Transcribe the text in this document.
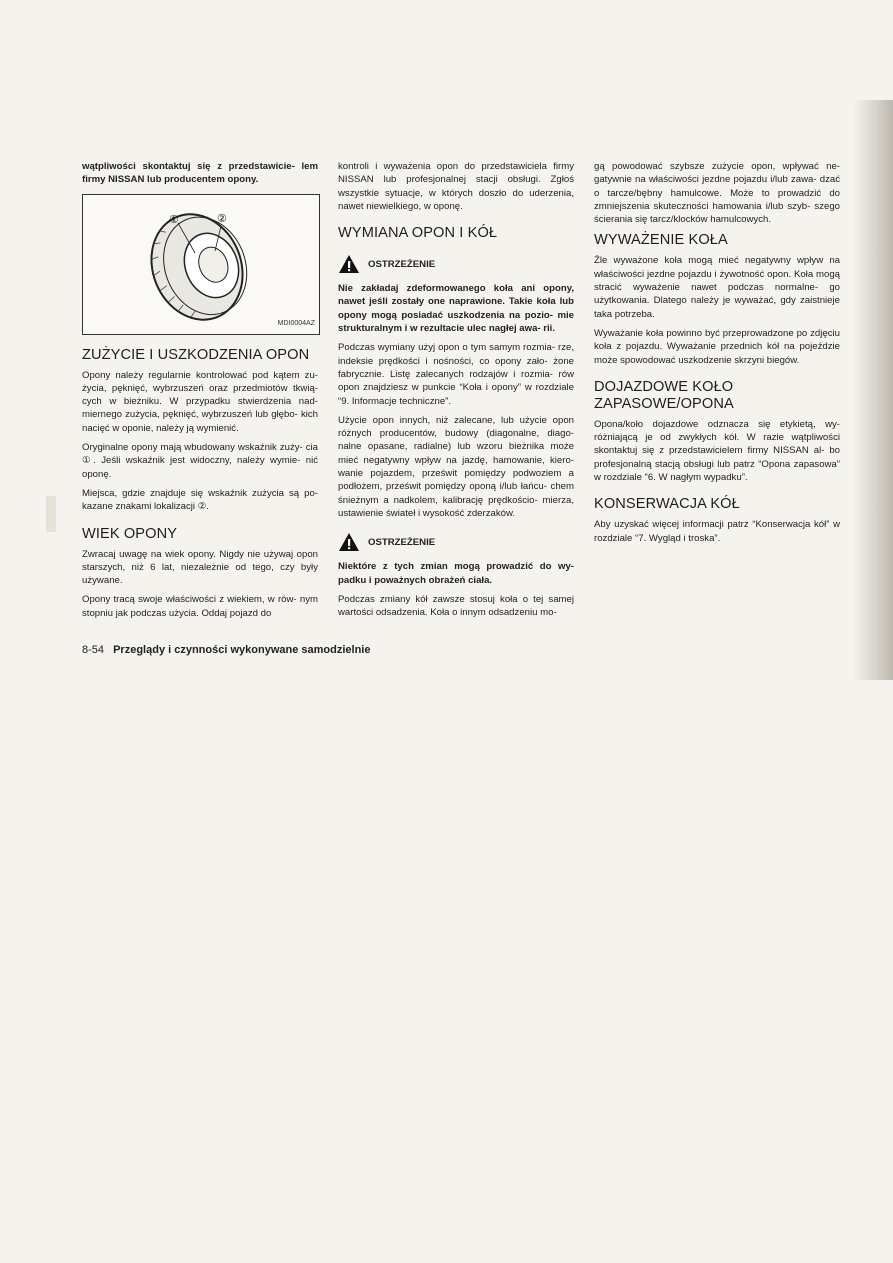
wątpliwości skontaktuj się z przedstawicie- lem firmy NISSAN lub producentem opony.

①	②
MDI0004AZ
ZUŻYCIE I USZKODZENIA OPON

Opony należy regularnie kontrolować pod kątem zu- życia, pęknięć, wybrzuszeń oraz przedmiotów tkwią- cych w bieżniku. W przypadku stwierdzenia nad- miernego zużycia, pęknięć, wybrzuszeń lub głębo- kich nacięć w oponie, należy ją wymienić.

Oryginalne opony mają wbudowany wskaźnik zuży- cia ①. Jeśli wskaźnik jest widoczny, należy wymie- nić oponę.

Miejsca, gdzie znajduje się wskaźnik zużycia są po- kazane znakami lokalizacji ②.

WIEK OPONY

Zwracaj uwagę na wiek opony. Nigdy nie używaj opon starszych, niż 6 lat, niezależnie od tego, czy były używane.

Opony tracą swoje właściwości z wiekiem, w rów- nym stopniu jak podczas użycia. Oddaj pojazd do

kontroli i wyważenia opon do przedstawiciela firmy NISSAN lub profesjonalnej stacji obsługi. Zgłoś wszystkie sytuacje, w których doszło do uderzenia, nawet niewielkiego, w oponę.

WYMIANA OPON I KÓŁ
OSTRZEŻENIE

Nie zakładaj zdeformowanego koła ani opony, nawet jeśli zostały one naprawione. Takie koła lub opony mogą posiadać uszkodzenia na pozio- mie strukturalnym i w rezultacie ulec nagłej awa- rii.

Podczas wymiany użyj opon o tym samym rozmia- rze, indeksie prędkości i nośności, co opony zało- żone fabrycznie. Listę zalecanych rodzajów i rozmia- rów opon znajdziesz w punkcie “Koła i opony” w rozdziale “9. Informacje techniczne”.

Użycie opon innych, niż zalecane, lub użycie opon różnych producentów, budowy (diagonalne, diago- nalne opasane, radialne) lub wzoru bieżnika może mieć negatywny wpływ na jazdę, hamowanie, kiero- wanie pojazdem, prześwit pomiędzy podwoziem a podłożem, prześwit pomiędzy oponą i/lub łańcu- chem śnieżnym a nadkolem, kalibrację prędkościo- mierza, ustawienie świateł i wysokość zderzaków.

OSTRZEŻENIE

Niektóre z tych zmian mogą prowadzić do wy- padku i poważnych obrażeń ciała.

Podczas zmiany kół zawsze stosuj koła o tej samej wartości odsadzenia. Koła o innym odsadzeniu mo-

gą powodować szybsze zużycie opon, wpływać ne- gatywnie na właściwości jezdne pojazdu i/lub zawa- dzać o tarcze/bębny hamulcowe. Może to prowadzić do zmniejszenia skuteczności hamowania i/lub szyb- szego ścierania się tarcz/klocków hamulcowych.

WYWAŻENIE KOŁA

Źle wyważone koła mogą mieć negatywny wpływ na właściwości jezdne pojazdu i żywotność opon. Koła mogą stracić wyważenie nawet podczas normalne- go użytkowania. Dlatego należy je wyważać, gdy zaistnieje taka potrzeba.

Wyważanie koła powinno być przeprowadzone po zdjęciu koła z pojazdu. Wyważanie przednich kół na pojeździe może spowodować uszkodzenie skrzyni biegów.

DOJAZDOWE KOŁO ZAPASOWE/OPONA

Opona/koło dojazdowe odznacza się etykietą, wy- różniającą je od zwykłych kół. W razie wątpliwości skontaktuj się z przedstawicielem firmy NISSAN al- bo profesjonalną stacją obsługi lub patrz “Opona zapasowa” w rozdziale “6. W nagłym wypadku”.

KONSERWACJA KÓŁ

Aby uzyskać więcej informacji patrz “Konserwacja kół” w rozdziale “7. Wygląd i troska”.

8-54 Przeglądy i czynności wykonywane samodzielnie
